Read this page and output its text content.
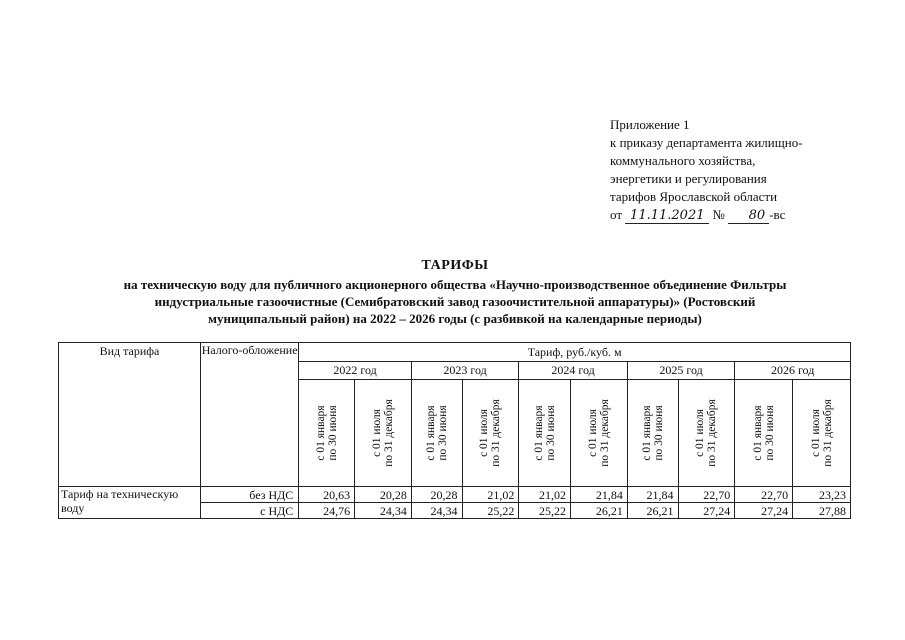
Приложение 1
к приказу департамента жилищно-
коммунального хозяйства,
энергетики и регулирования
тарифов Ярославской области
от 11.11.2021 № 80 -вс
ТАРИФЫ
на техническую воду для публичного акционерного общества «Научно-производственное объединение Фильтры
индустриальные газоочистные (Семибратовский завод газоочистительной аппаратуры)» (Ростовский
муниципальный район) на 2022 – 2026 годы (с разбивкой на календарные периоды)
Вид тарифа	Налого-обложение	Тариф, руб./куб. м									
		2022 год		2023 год		2024 год		2025 год		2026 год	

		с 01 января по 30 июня	с 01 июля по 31 декабря	с 01 января по 30 июня	с 01 июля по 31 декабря	с 01 января по 30 июня	с 01 июля по 31 декабря	с 01 января по 30 июня	с 01 июля по 31 декабря	с 01 января по 30 июня	с 01 июля по 31 декабря

Тариф на техническую воду	без НДС	20,63	20,28	20,28	21,02	21,02	21,84	21,84	22,70	22,70	23,23
	с НДС	24,76	24,34	24,34	25,22	25,22	26,21	26,21	27,24	27,24	27,88
